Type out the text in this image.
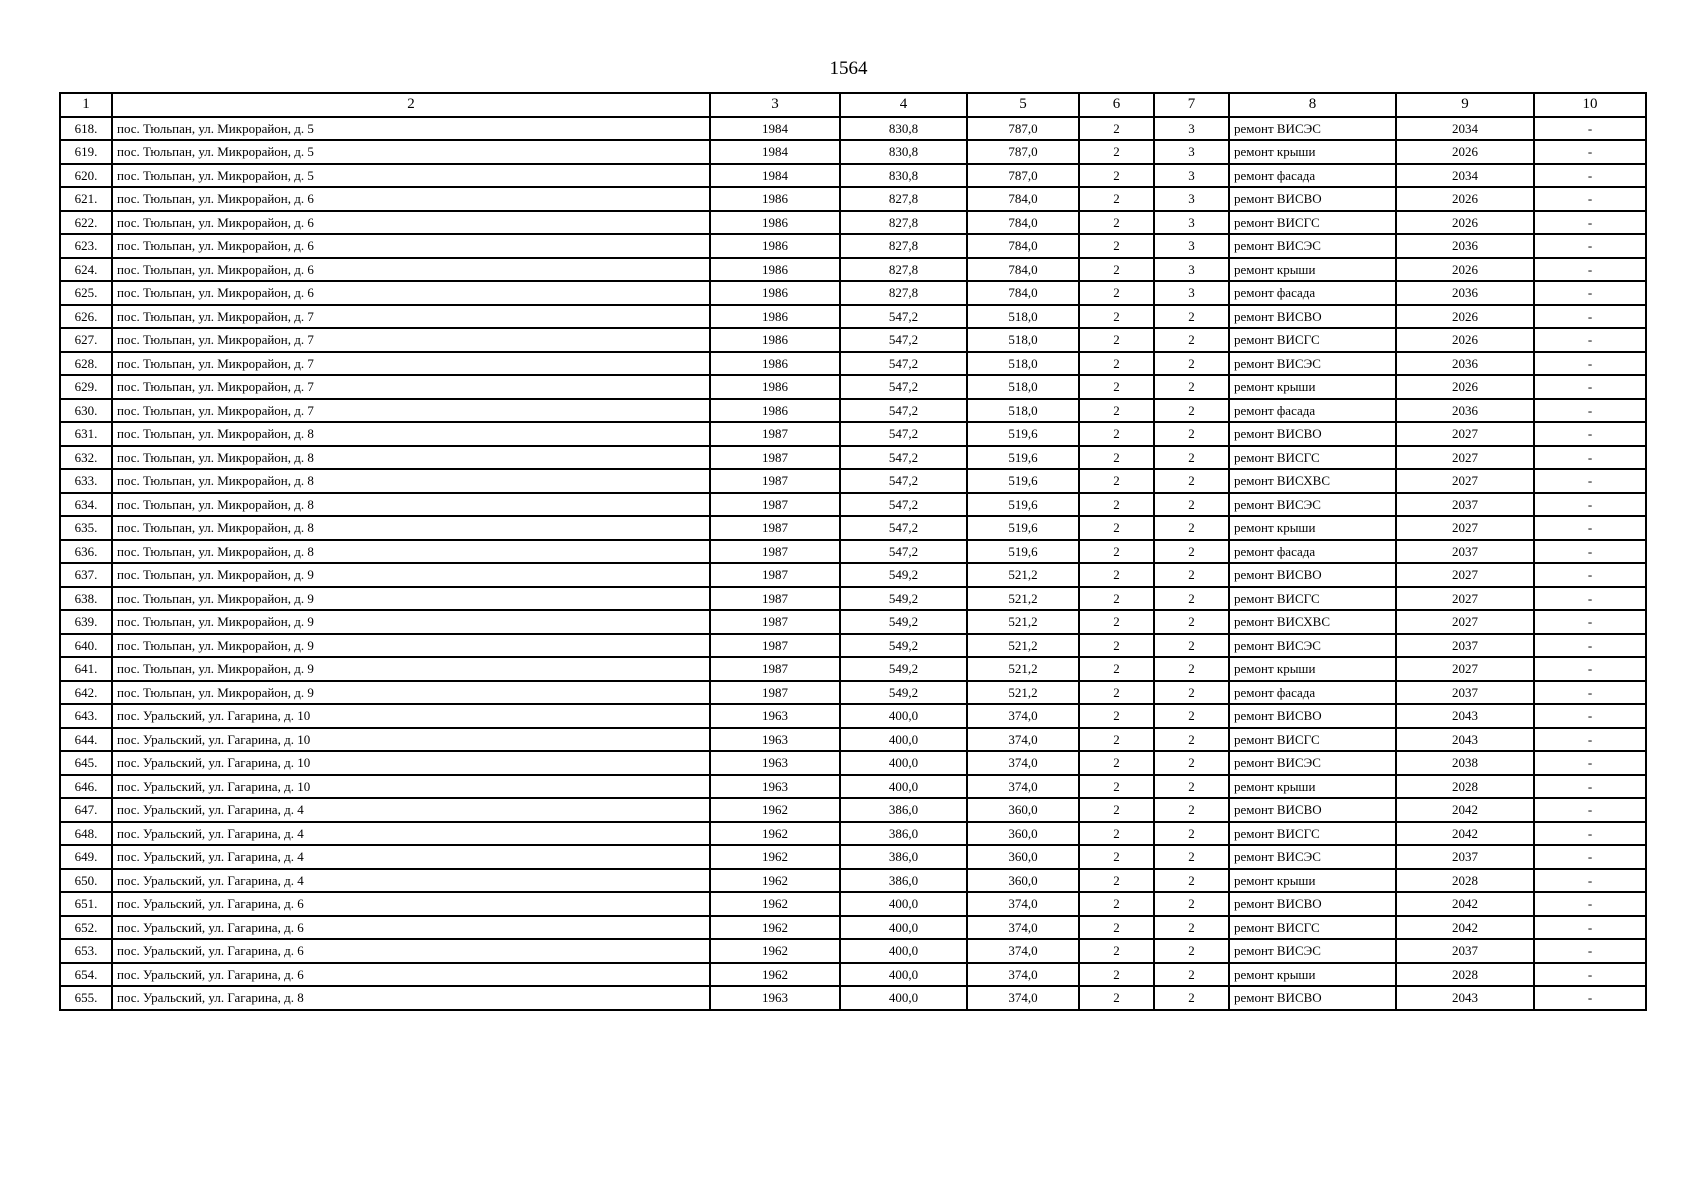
1564
1	2	3	4	5	6	7	8	9	10
618.	пос. Тюльпан, ул. Микрорайон, д. 5	1984	830,8	787,0	2	3	ремонт ВИСЭС	2034	-
619.	пос. Тюльпан, ул. Микрорайон, д. 5	1984	830,8	787,0	2	3	ремонт крыши	2026	-
620.	пос. Тюльпан, ул. Микрорайон, д. 5	1984	830,8	787,0	2	3	ремонт фасада	2034	-
621.	пос. Тюльпан, ул. Микрорайон, д. 6	1986	827,8	784,0	2	3	ремонт ВИСВО	2026	-
622.	пос. Тюльпан, ул. Микрорайон, д. 6	1986	827,8	784,0	2	3	ремонт ВИСГС	2026	-
623.	пос. Тюльпан, ул. Микрорайон, д. 6	1986	827,8	784,0	2	3	ремонт ВИСЭС	2036	-
624.	пос. Тюльпан, ул. Микрорайон, д. 6	1986	827,8	784,0	2	3	ремонт крыши	2026	-
625.	пос. Тюльпан, ул. Микрорайон, д. 6	1986	827,8	784,0	2	3	ремонт фасада	2036	-
626.	пос. Тюльпан, ул. Микрорайон, д. 7	1986	547,2	518,0	2	2	ремонт ВИСВО	2026	-
627.	пос. Тюльпан, ул. Микрорайон, д. 7	1986	547,2	518,0	2	2	ремонт ВИСГС	2026	-
628.	пос. Тюльпан, ул. Микрорайон, д. 7	1986	547,2	518,0	2	2	ремонт ВИСЭС	2036	-
629.	пос. Тюльпан, ул. Микрорайон, д. 7	1986	547,2	518,0	2	2	ремонт крыши	2026	-
630.	пос. Тюльпан, ул. Микрорайон, д. 7	1986	547,2	518,0	2	2	ремонт фасада	2036	-
631.	пос. Тюльпан, ул. Микрорайон, д. 8	1987	547,2	519,6	2	2	ремонт ВИСВО	2027	-
632.	пос. Тюльпан, ул. Микрорайон, д. 8	1987	547,2	519,6	2	2	ремонт ВИСГС	2027	-
633.	пос. Тюльпан, ул. Микрорайон, д. 8	1987	547,2	519,6	2	2	ремонт ВИСХВС	2027	-
634.	пос. Тюльпан, ул. Микрорайон, д. 8	1987	547,2	519,6	2	2	ремонт ВИСЭС	2037	-
635.	пос. Тюльпан, ул. Микрорайон, д. 8	1987	547,2	519,6	2	2	ремонт крыши	2027	-
636.	пос. Тюльпан, ул. Микрорайон, д. 8	1987	547,2	519,6	2	2	ремонт фасада	2037	-
637.	пос. Тюльпан, ул. Микрорайон, д. 9	1987	549,2	521,2	2	2	ремонт ВИСВО	2027	-
638.	пос. Тюльпан, ул. Микрорайон, д. 9	1987	549,2	521,2	2	2	ремонт ВИСГС	2027	-
639.	пос. Тюльпан, ул. Микрорайон, д. 9	1987	549,2	521,2	2	2	ремонт ВИСХВС	2027	-
640.	пос. Тюльпан, ул. Микрорайон, д. 9	1987	549,2	521,2	2	2	ремонт ВИСЭС	2037	-
641.	пос. Тюльпан, ул. Микрорайон, д. 9	1987	549,2	521,2	2	2	ремонт крыши	2027	-
642.	пос. Тюльпан, ул. Микрорайон, д. 9	1987	549,2	521,2	2	2	ремонт фасада	2037	-
643.	пос. Уральский, ул. Гагарина, д. 10	1963	400,0	374,0	2	2	ремонт ВИСВО	2043	-
644.	пос. Уральский, ул. Гагарина, д. 10	1963	400,0	374,0	2	2	ремонт ВИСГС	2043	-
645.	пос. Уральский, ул. Гагарина, д. 10	1963	400,0	374,0	2	2	ремонт ВИСЭС	2038	-
646.	пос. Уральский, ул. Гагарина, д. 10	1963	400,0	374,0	2	2	ремонт крыши	2028	-
647.	пос. Уральский, ул. Гагарина, д. 4	1962	386,0	360,0	2	2	ремонт ВИСВО	2042	-
648.	пос. Уральский, ул. Гагарина, д. 4	1962	386,0	360,0	2	2	ремонт ВИСГС	2042	-
649.	пос. Уральский, ул. Гагарина, д. 4	1962	386,0	360,0	2	2	ремонт ВИСЭС	2037	-
650.	пос. Уральский, ул. Гагарина, д. 4	1962	386,0	360,0	2	2	ремонт крыши	2028	-
651.	пос. Уральский, ул. Гагарина, д. 6	1962	400,0	374,0	2	2	ремонт ВИСВО	2042	-
652.	пос. Уральский, ул. Гагарина, д. 6	1962	400,0	374,0	2	2	ремонт ВИСГС	2042	-
653.	пос. Уральский, ул. Гагарина, д. 6	1962	400,0	374,0	2	2	ремонт ВИСЭС	2037	-
654.	пос. Уральский, ул. Гагарина, д. 6	1962	400,0	374,0	2	2	ремонт крыши	2028	-
655.	пос. Уральский, ул. Гагарина, д. 8	1963	400,0	374,0	2	2	ремонт ВИСВО	2043	-
